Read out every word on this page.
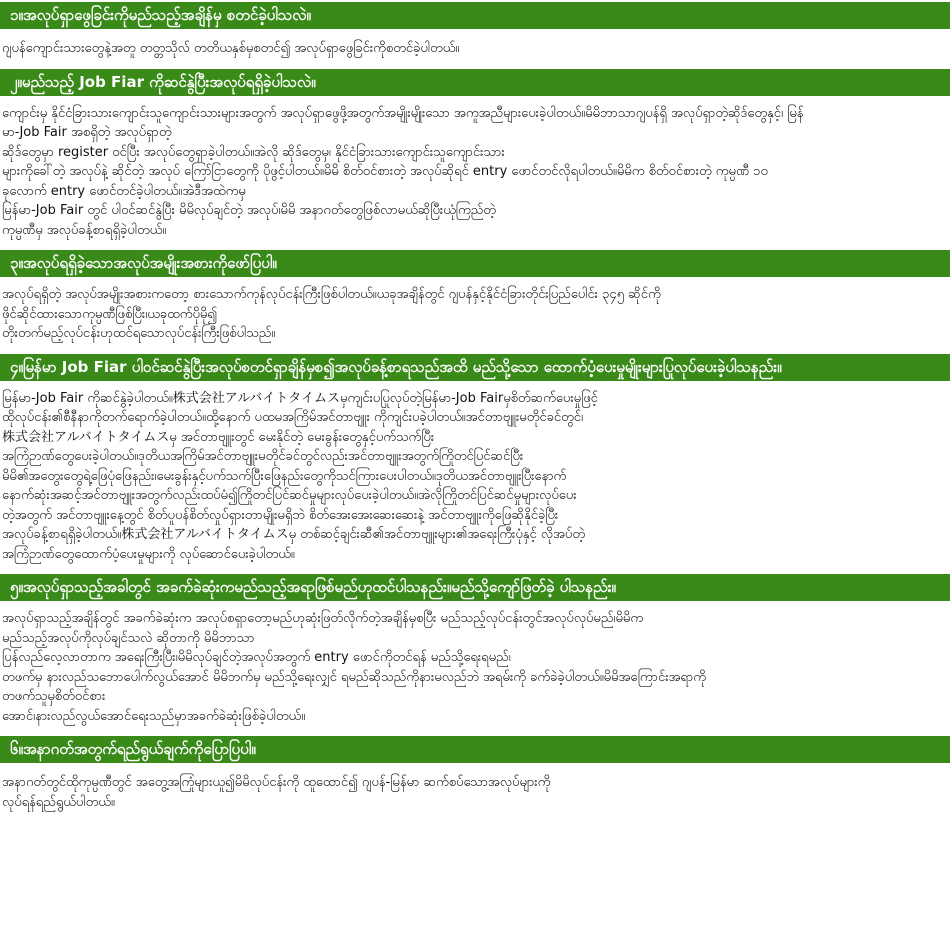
၁။အလုပ်ရှာဖွေခြင်းကိုမည်သည့်အချိန်မှ စတင်ခဲ့ပါသလဲ။
ဂျပန်ကျောင်းသားတွေနဲ့အတူ တတ္တသိုလ် တတိယနှစ်မှစတင်၍ အလုပ်ရှာဖွေခြင်းကိုစတင်ခဲ့ပါတယ်။
၂။မည်သည့် Job Fiar ကိုဆင်နွဲပြီးအလုပ်ရရှိခဲ့ပါသလဲ။
ကျောင်းမှ နိုင်ငံခြားသားကျောင်းသူကျောင်းသားများအတွက် အလုပ်ရှာဖွေဖို့အတွက်အမျိုးမျိုးသော အကူအညီများပေးခဲ့ပါတယ်။မိမိဘာသာဂျပန်ရှိ အလုပ်ရှာတဲ့ဆိုဒ်တွေနှင့်၊ မြန်
မာ-Job Fair အစရှိတဲ့ အလုပ်ရှာတဲ့
ဆိုဒ်တွေမှာ register ဝင်ပြီး အလုပ်တွေရှာခဲ့ပါတယ်။အဲလို ဆိုဒ်တွေမှ၊ နိုင်ငံခြားသားကျောင်းသူကျောင်းသား
များကိုခေါ်တဲ့ အလုပ်နဲ့ ဆိုင်တဲ့ အလုပ် ကြော်ငြာတွေကို ပိုဖွင့်ပါတယ်။မိမိ စိတ်ဝင်စားတဲ့ အလုပ်ဆိုရင် entry ဖောင်တင်လိုရပါတယ်။မိမိက စိတ်ဝင်စားတဲ့ ကုမ္ပဏီ ၁၀
ခုလောက် entry ဖောင်တင်ခဲ့ပါတယ်။အဲဒီအထဲကမှ
မြန်မာ-Job Fair တွင် ပါဝင်ဆင်နွဲပြီး မိမိလုပ်ချင်တဲ့ အလုပ်၊မိမိ အနာဂတ်တွေဖြစ်လာမယ်ဆိုပြီးယုံကြည်တဲ့
ကုမ္ပဏီမှ အလုပ်ခန့်စာရရှိခဲ့ပါတယ်။
၃။အလုပ်ရရှိခဲ့သောအလုပ်အမျိုးအစားကိုဖော်ပြပါ။
အလုပ်ရရှိတဲ့ အလုပ်အမျိုးအစားကတော့ စားသောက်ကုန်လုပ်ငန်းကြီးဖြစ်ပါတယ်။ယခုအချိန်တွင် ဂျပန်နှင့်နိုင်ငံခြားတိုင်းပြည်ပေါင်း ၃၄၅ ဆိုင်ကို
ဖိုင်ဆိုင်ထားသောကုမ္ပဏီဖြစ်ပြီး၊ယခုထက်ပိုမို၍
တိုးတက်မည့်လုပ်ငန်းဟုထင်ရသောလုပ်ငန်းကြီးဖြစ်ပါသည်။
၄။မြန်မာ Job Fiar ပါဝင်ဆင်နွဲပြီးအလုပ်စတင်ရှာချိန်မှစ၍အလုပ်ခန့်စာရသည်အထိ မည်သို့သော ထောက်ပံ့ပေးမှုမျိုးများပြုလုပ်ပေးခဲ့ပါသနည်း။
မြန်မာ-Job Fair ကိုဆင်နွဲခဲ့ပါတယ်။株式会社アルバイトタイムスမှကျင်းပပြုလုပ်တဲ့မြန်မာ-Job Fairမှစိတ်ဆက်ပေးမှုဖြင့်
ထိုလုပ်ငန်း၏စီနီနာကိုတက်ရောက်ခဲ့ပါတယ်။ထို့နောက် ပထမအကြိမ်အင်တာဗျူး ကိုကျင်းပခဲ့ပါတယ်။အင်တာဗျူးမတိုင်ခင်တွင်၊
株式会社アルバイトタイムスမှ အင်တာဗျူးတွင် မေးနိုင်တဲ့ မေးခွန်းတွေနှင့်ပက်သက်ပြီး
အကြံဉာဏ်တွေပေးခဲ့ပါတယ်။ဒုတိယအကြိမ်အင်တာဗျူးမတိုင်ခင်တွင်လည်းအင်တာဗျူးအတွက်ကြိုတင်ပြင်ဆင်ပြီး
မိမိ၏အတွေးတွေရဲ့ဖြေပုံဖြေနည်း၊မေးခွန်းနှင့်ပက်သက်ပြီးဖြေနည်းတွေကိုသင်ကြားပေးပါတယ်။ဒုတိယအင်တာဗျူးပြီးနောက်
နောက်ဆုံးအဆင့်အင်တာဗျူးအတွက်လည်းထပ်မံ၍ကြိုတင်ပြင်ဆင်မှုများလုပ်ပေးခဲ့ပါတယ်။အဲလိုကြိုတင်ပြင်ဆင်မှုများလုပ်ပေး
တဲ့အတွက် အင်တာဗျူးနေ့တွင် စိတ်ပူပန်စိတ်လှုပ်ရှားတာမျိုးမရှိဘဲ စိတ်အေးအေးဆေးဆေးနဲ့ အင်တာဗျူးကိုဖြေဆိုနိုင်ခဲ့ပြီး
အလုပ်ခန့်စာရရှိခဲ့ပါတယ်။株式会社アルバイトタイムスမှ တစ်ဆင့်ချင်းဆီ၏အင်တာဗျူးများ၏အရေးကြီးပုံနှင့် လိုအပ်တဲ့
အကြံဉာဏ်တွေထောက်ပံ့ပေးမှုများကို လုပ်ဆောင်ပေးခဲ့ပါတယ်။
၅။အလုပ်ရှာသည့်အခါတွင် အခက်ခဲဆုံးကမည်သည့်အရာဖြစ်မည်ဟုထင်ပါသနည်း။မည်သို့ကျော်ဖြတ်ခဲ့ ပါသနည်း။
အလုပ်ရှာသည့်အချိန်တွင် အခက်ခဲဆုံးက အလုပ်စရှာတော့မည်ဟုဆုံးဖြတ်လိုက်တဲ့အချိန်မှစပြီး မည်သည့်လုပ်ငန်းတွင်အလုပ်လုပ်မည်၊မိမိက
မည်သည့်အလုပ်ကိုလုပ်ချင်သလဲ ဆိုတာကို မိမိဘာသာ
ပြန်လည်လေ့လာတာက အရေးကြီးပြီး၊မိမိလုပ်ချင်တဲ့အလုပ်အတွက် entry ဖောင်ကိုတင်ရန် မည်သို့ရေးရမည်၊
တဖက်မှ နားလည်သဘောပေါက်လွယ်အောင် မိမိဘက်မှ မည်သို့ရေးလျှင် ရမည်ဆိုသည်ကိုနားမလည်ဘဲ အရမ်းကို ခက်ခဲခဲ့ပါတယ်။မိမိအကြောင်းအရာကို
တဖက်သူမှစိတ်ဝင်စား
အောင်၊နားလည်လွယ်အောင်ရေးသည်မှာအခက်ခဲဆုံးဖြစ်ခဲ့ပါတယ်။
၆။အနာဂတ်အတွက်ရည်ရွယ်ချက်ကိုပြောပြပါ။
အနာဂတ်တွင်ထိုကုမ္ပဏီတွင် အတွေ့အကြုံများယူ၍မိမိလုပ်ငန်းကို ထူထောင်၍ ဂျပန်-မြန်မာ ဆက်စပ်သောအလုပ်များကို
လုပ်ရန်ရည်ရွယ်ပါတယ်။
